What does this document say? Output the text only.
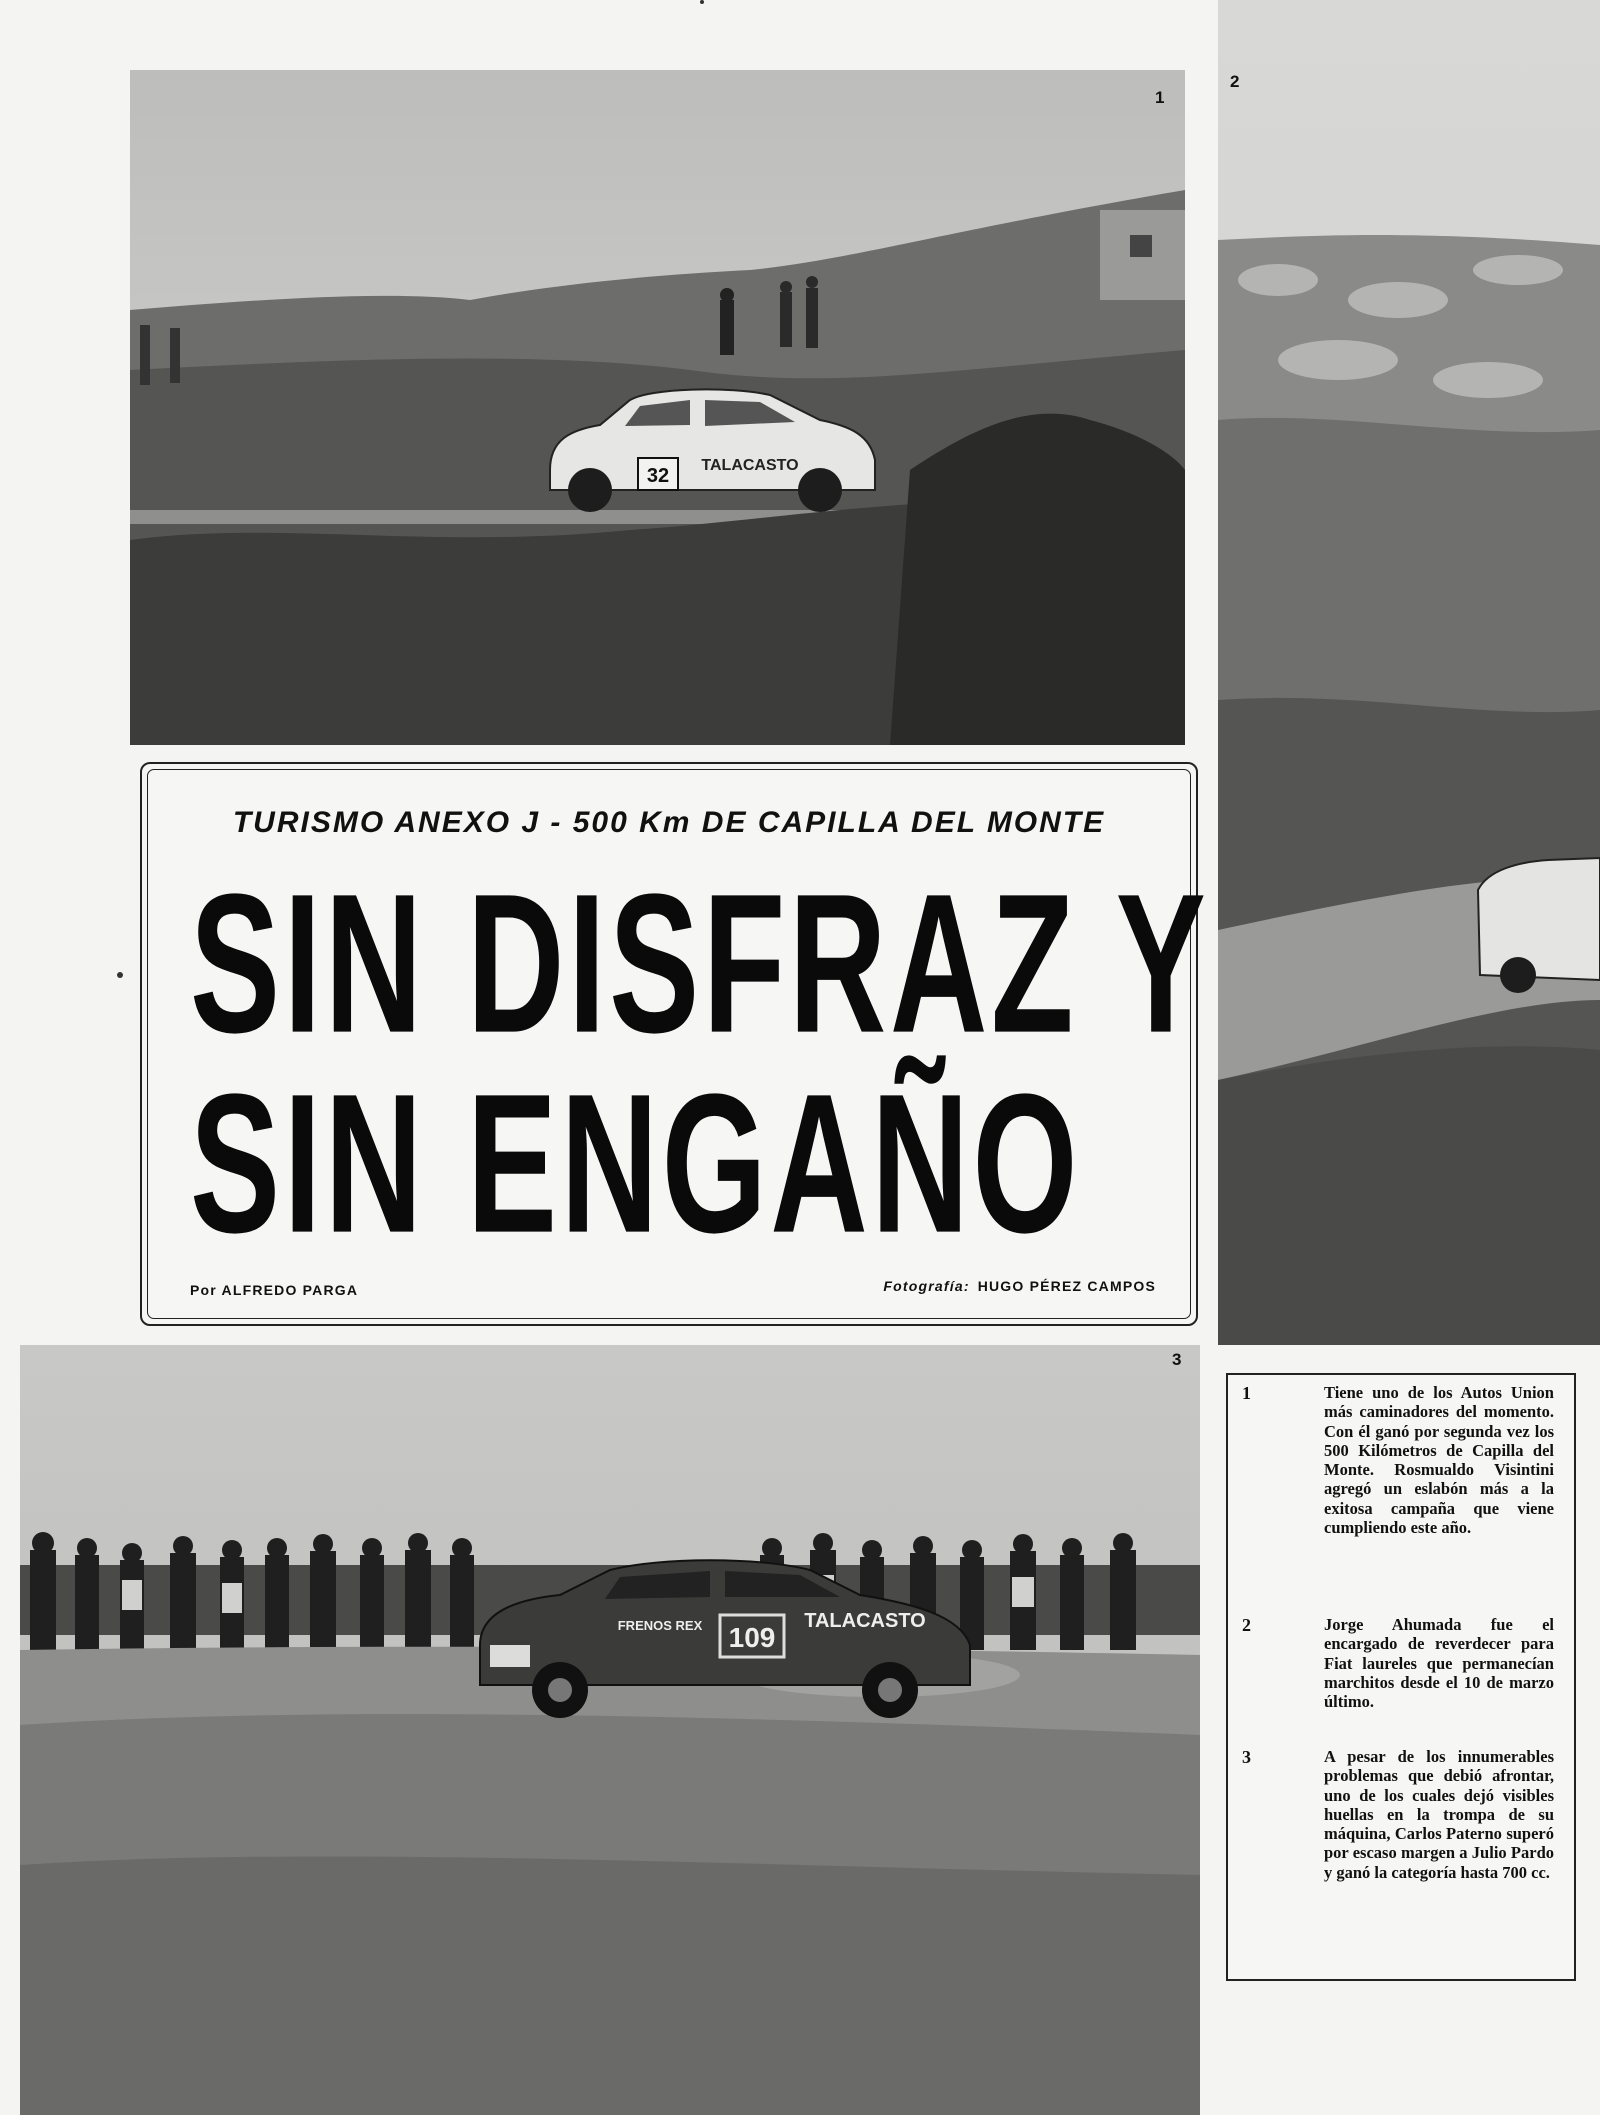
32 TALACASTO
1
2
TURISMO ANEXO J - 500 Km DE CAPILLA DEL MONTE
SIN DISFRAZ Y
SIN ENGAÑO
Por ALFREDO PARGA	Fotografía: HUGO PÉREZ CAMPOS
109
TALACASTO
FRENOS REX
3
1	Tiene uno de los Autos Union más caminadores del momento. Con él ganó por segunda vez los 500 Kilómetros de Capilla del Monte. Rosmualdo Visintini agregó un eslabón más a la exitosa campaña que viene cumpliendo este año.
2	Jorge Ahumada fue el encargado de reverdecer para Fiat laureles que permanecían marchitos desde el 10 de marzo último.
3	A pesar de los innumerables problemas que debió afrontar, uno de los cuales dejó visibles huellas en la trompa de su máquina, Carlos Paterno superó por escaso margen a Julio Pardo y ganó la categoría hasta 700 cc.
